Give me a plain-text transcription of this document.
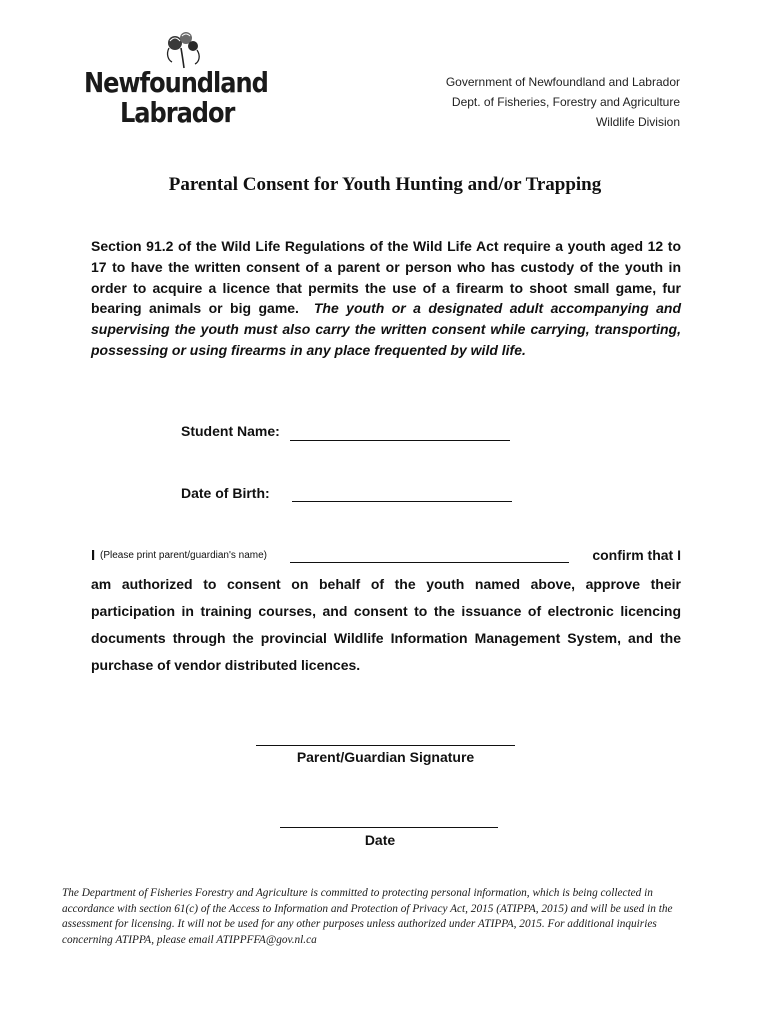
Newfoundland
Labrador
Government of Newfoundland and Labrador
Dept. of Fisheries, Forestry and Agriculture
Wildlife Division
Parental Consent for Youth Hunting and/or Trapping
Section 91.2 of the Wild Life Regulations of the Wild Life Act require a youth aged 12 to 17 to have the written consent of a parent or person who has custody of the youth in order to acquire a licence that permits the use of a firearm to shoot small game, fur bearing animals or big game. The youth or a designated adult accompanying and supervising the youth must also carry the written consent while carrying, transporting, possessing or using firearms in any place frequented by wild life.
Student Name:
Date of Birth:
I (Please print parent/guardian's name)	confirm that I
am authorized to consent on behalf of the youth named above, approve their participation in training courses, and consent to the issuance of electronic licencing documents through the provincial Wildlife Information Management System, and the purchase of vendor distributed licences.
Parent/Guardian Signature
Date
The Department of Fisheries Forestry and Agriculture is committed to protecting personal information, which is being collected in accordance with section 61(c) of the Access to Information and Protection of Privacy Act, 2015 (ATIPPA, 2015) and will be used in the assessment for licensing. It will not be used for any other purposes unless authorized under ATIPPA, 2015. For additional inquiries concerning ATIPPA, please email ATIPPFFA@gov.nl.ca
